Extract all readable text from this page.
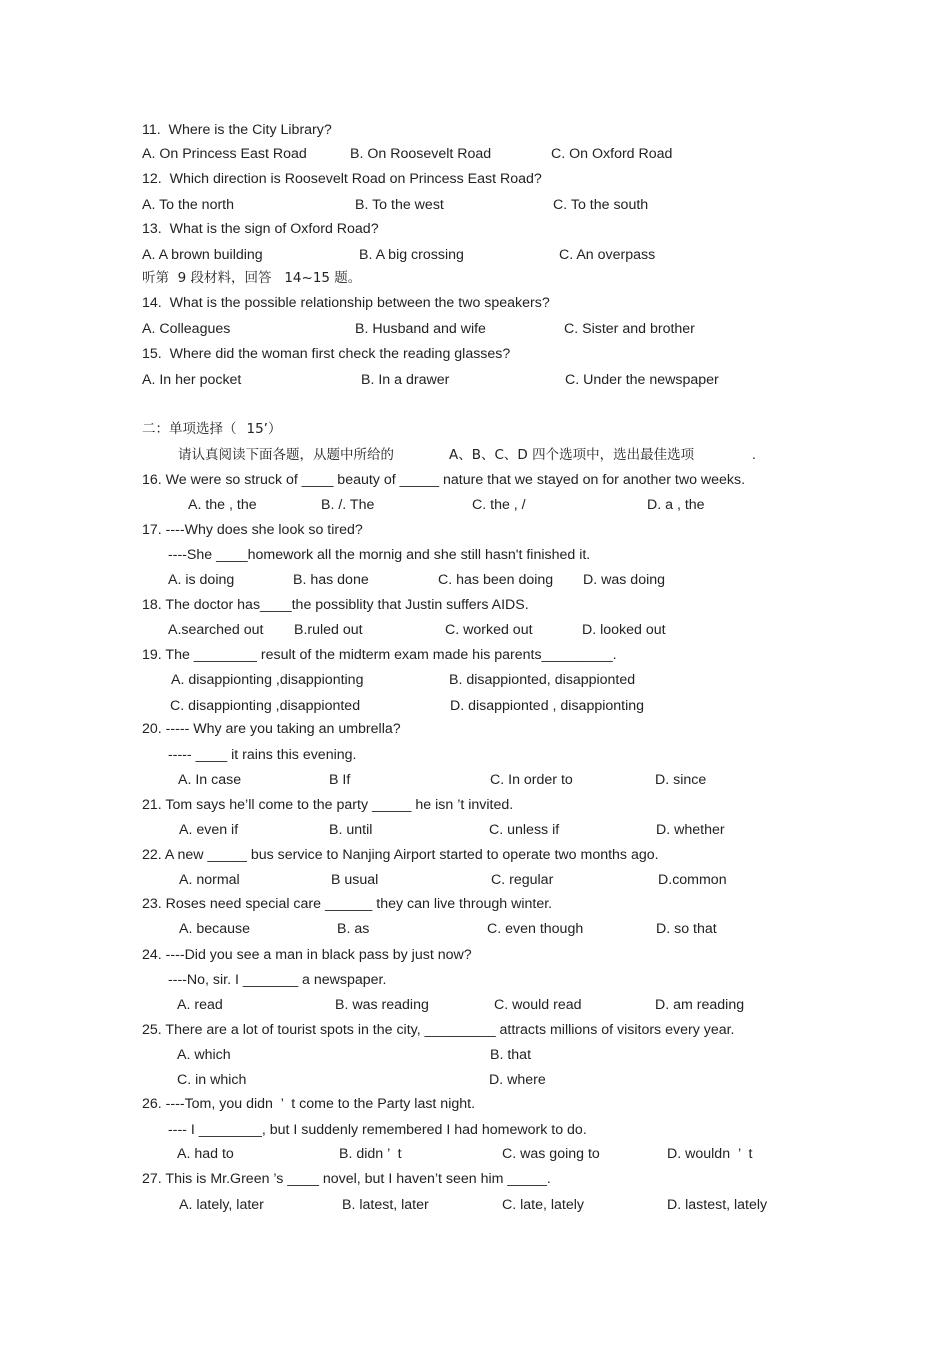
11.  Where is the City Library?
A. On Princess East Road	B. On Roosevelt Road	C. On Oxford Road
12.  Which direction is Roosevelt Road on Princess East Road?
A. To the north	B. To the west	C. To the south
13.  What is the sign of Oxford Road?
A. A brown building	B. A big crossing	C. An overpass
听第  9 段材料，回答   14~15 题。
14.  What is the possible relationship between the two speakers?
A. Colleagues	B. Husband and wife	C. Sister and brother
15.  Where did the woman first check the reading glasses?
A. In her pocket	B. In a drawer	C. Under the newspaper
二：单项选择（ 15’）
请认真阅读下面各题，从题中所给的	A、B、C、D 四个选项中，选出最佳选项	.
16. We were so struck of ____ beauty of _____ nature that we stayed on for another two weeks.
A. the , the	B. /. The	C. the , /	D. a , the
17. ----Why does she look so tired?
----She ____homework all the mornig and she still hasn't finished it.
A. is doing	B. has done	C. has been doing D. was doing
18. The doctor has____the possiblity that Justin suffers AIDS.
A.searched out B.ruled out	C. worked out	D. looked out
19. The ________ result of the midterm exam made his parents_________.
A. disappionting ,disappionting	B. disappionted, disappionted
C. disappionting ,disappionted	D. disappionted , disappionting
20. ----- Why are you taking an umbrella?
----- ____ it rains this evening.
A. In case	B If	C. In order to	D. since
21. Tom says he’ll come to the party _____ he isn ’t invited.
A. even if	B. until	C. unless if	D. whether
22. A new _____ bus service to Nanjing Airport started to operate two months ago.
A. normal	B usual	C. regular	D.common
23. Roses need special care ______ they can live through winter.
A. because	B. as	C. even though	D. so that
24. ----Did you see a man in black pass by just now?
----No, sir. I _______ a newspaper.
A. read	B. was reading	C. would read	D. am reading
25. There are a lot of tourist spots in the city, _________ attracts millions of visitors every year.
A. which	B. that
C. in which	D. where
26. ----Tom, you didn  ’  t come to the Party last night.
---- I ________, but I suddenly remembered I had homework to do.
A. had to	B. didn ’  t	C. was going to	D. wouldn  ’  t
27. This is Mr.Green ’s ____ novel, but I haven’t seen him _____.
A. lately, later	B. latest, later	C. late, lately	D. lastest, lately
